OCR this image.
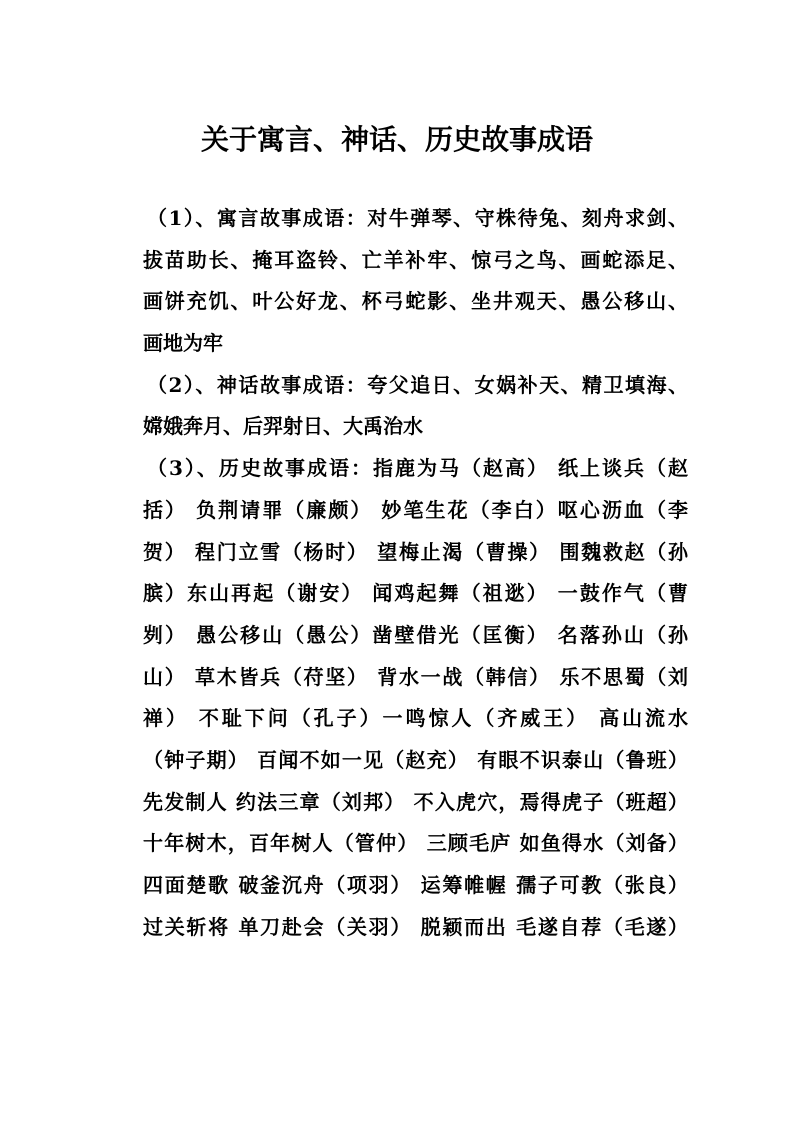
关于寓言、神话、历史故事成语
（1）、寓言故事成语：对牛弹琴、守株待兔、刻舟求剑、
拔苗助长、掩耳盗铃、亡羊补牢、惊弓之鸟、画蛇添足、
画饼充饥、叶公好龙、杯弓蛇影、坐井观天、愚公移山、
画地为牢
（2）、神话故事成语：夸父追日、女娲补天、精卫填海、
嫦娥奔月、后羿射日、大禹治水
（3）、历史故事成语：指鹿为马（赵高） 纸上谈兵（赵
括） 负荆请罪（廉颇） 妙笔生花（李白）呕心沥血（李
贺） 程门立雪（杨时） 望梅止渴（曹操） 围魏救赵（孙
膑）东山再起（谢安） 闻鸡起舞（祖逖） 一鼓作气（曹
刿） 愚公移山（愚公）凿壁借光（匡衡） 名落孙山（孙
山） 草木皆兵（苻坚） 背水一战（韩信） 乐不思蜀（刘
禅） 不耻下问（孔子）一鸣惊人（齐威王） 高山流水
（钟子期） 百闻不如一见（赵充） 有眼不识泰山（鲁班）
先发制人 约法三章（刘邦） 不入虎穴，焉得虎子（班超）
十年树木，百年树人（管仲） 三顾毛庐 如鱼得水（刘备）
四面楚歌 破釜沉舟（项羽） 运筹帷幄 孺子可教（张良）
过关斩将 单刀赴会（关羽） 脱颖而出 毛遂自荐（毛遂）
